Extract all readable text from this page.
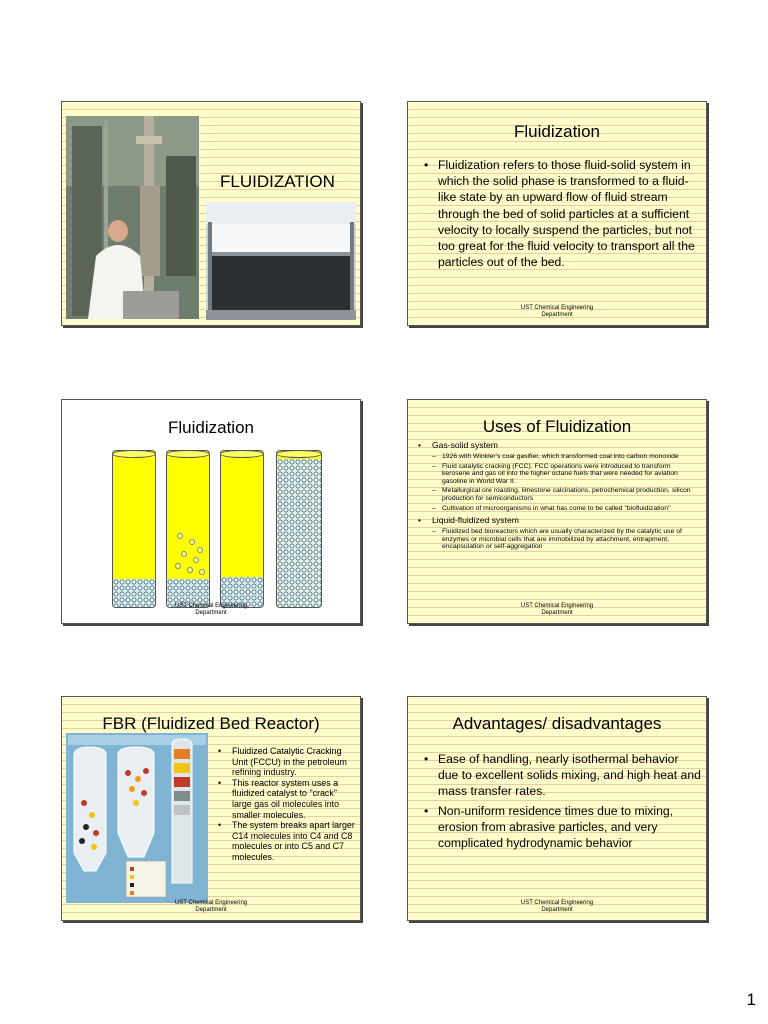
FLUIDIZATION
Fluidization
• Fluidization refers to those fluid-solid system in which the solid phase is transformed to a fluid-like state by an upward flow of fluid stream through the bed of solid particles at a sufficient velocity to locally suspend the particles, but not too great for the fluid velocity to transport all the particles out of the bed.
UST Chemical Engineering Department
Fluidization
UST Chemical Engineering Department
Uses of Fluidization
• Gas-solid system
– 1926 with Winkler's coal gasifier, which transformed coal into carbon monoxide
– Fluid catalytic cracking (FCC). FCC operations were introduced to transform kerosene and gas oil into the higher octane fuels that were needed for aviation gasoline in World War II.
– Metallurgical ore roasting, limestone calcinations, petrochemical production, silicon production for semiconductors
– Cultivation of microorganisms in what has come to be called "biofluidization"
• Liquid-fluidized system
– Fluidized bed bioreactors which are usually characterized by the catalytic use of enzymes or microbial cells that are immobilized by attachment, entrapment, encapsulation or self-aggregation
UST Chemical Engineering Department
FBR (Fluidized Bed Reactor)
• Fluidized Catalytic Cracking Unit (FCCU) in the petroleum refining industry.
• This reactor system uses a fluidized catalyst to "crack" large gas oil molecules into smaller molecules.
• The system breaks apart larger C14 molecules into C4 and C8 molecules or into C5 and C7 molecules.
UST Chemical Engineering Department
Advantages/ disadvantages
• Ease of handling, nearly isothermal behavior due to excellent solids mixing, and high heat and mass transfer rates.
• Non-uniform residence times due to mixing, erosion from abrasive particles, and very complicated hydrodynamic behavior
UST Chemical Engineering Department
1
